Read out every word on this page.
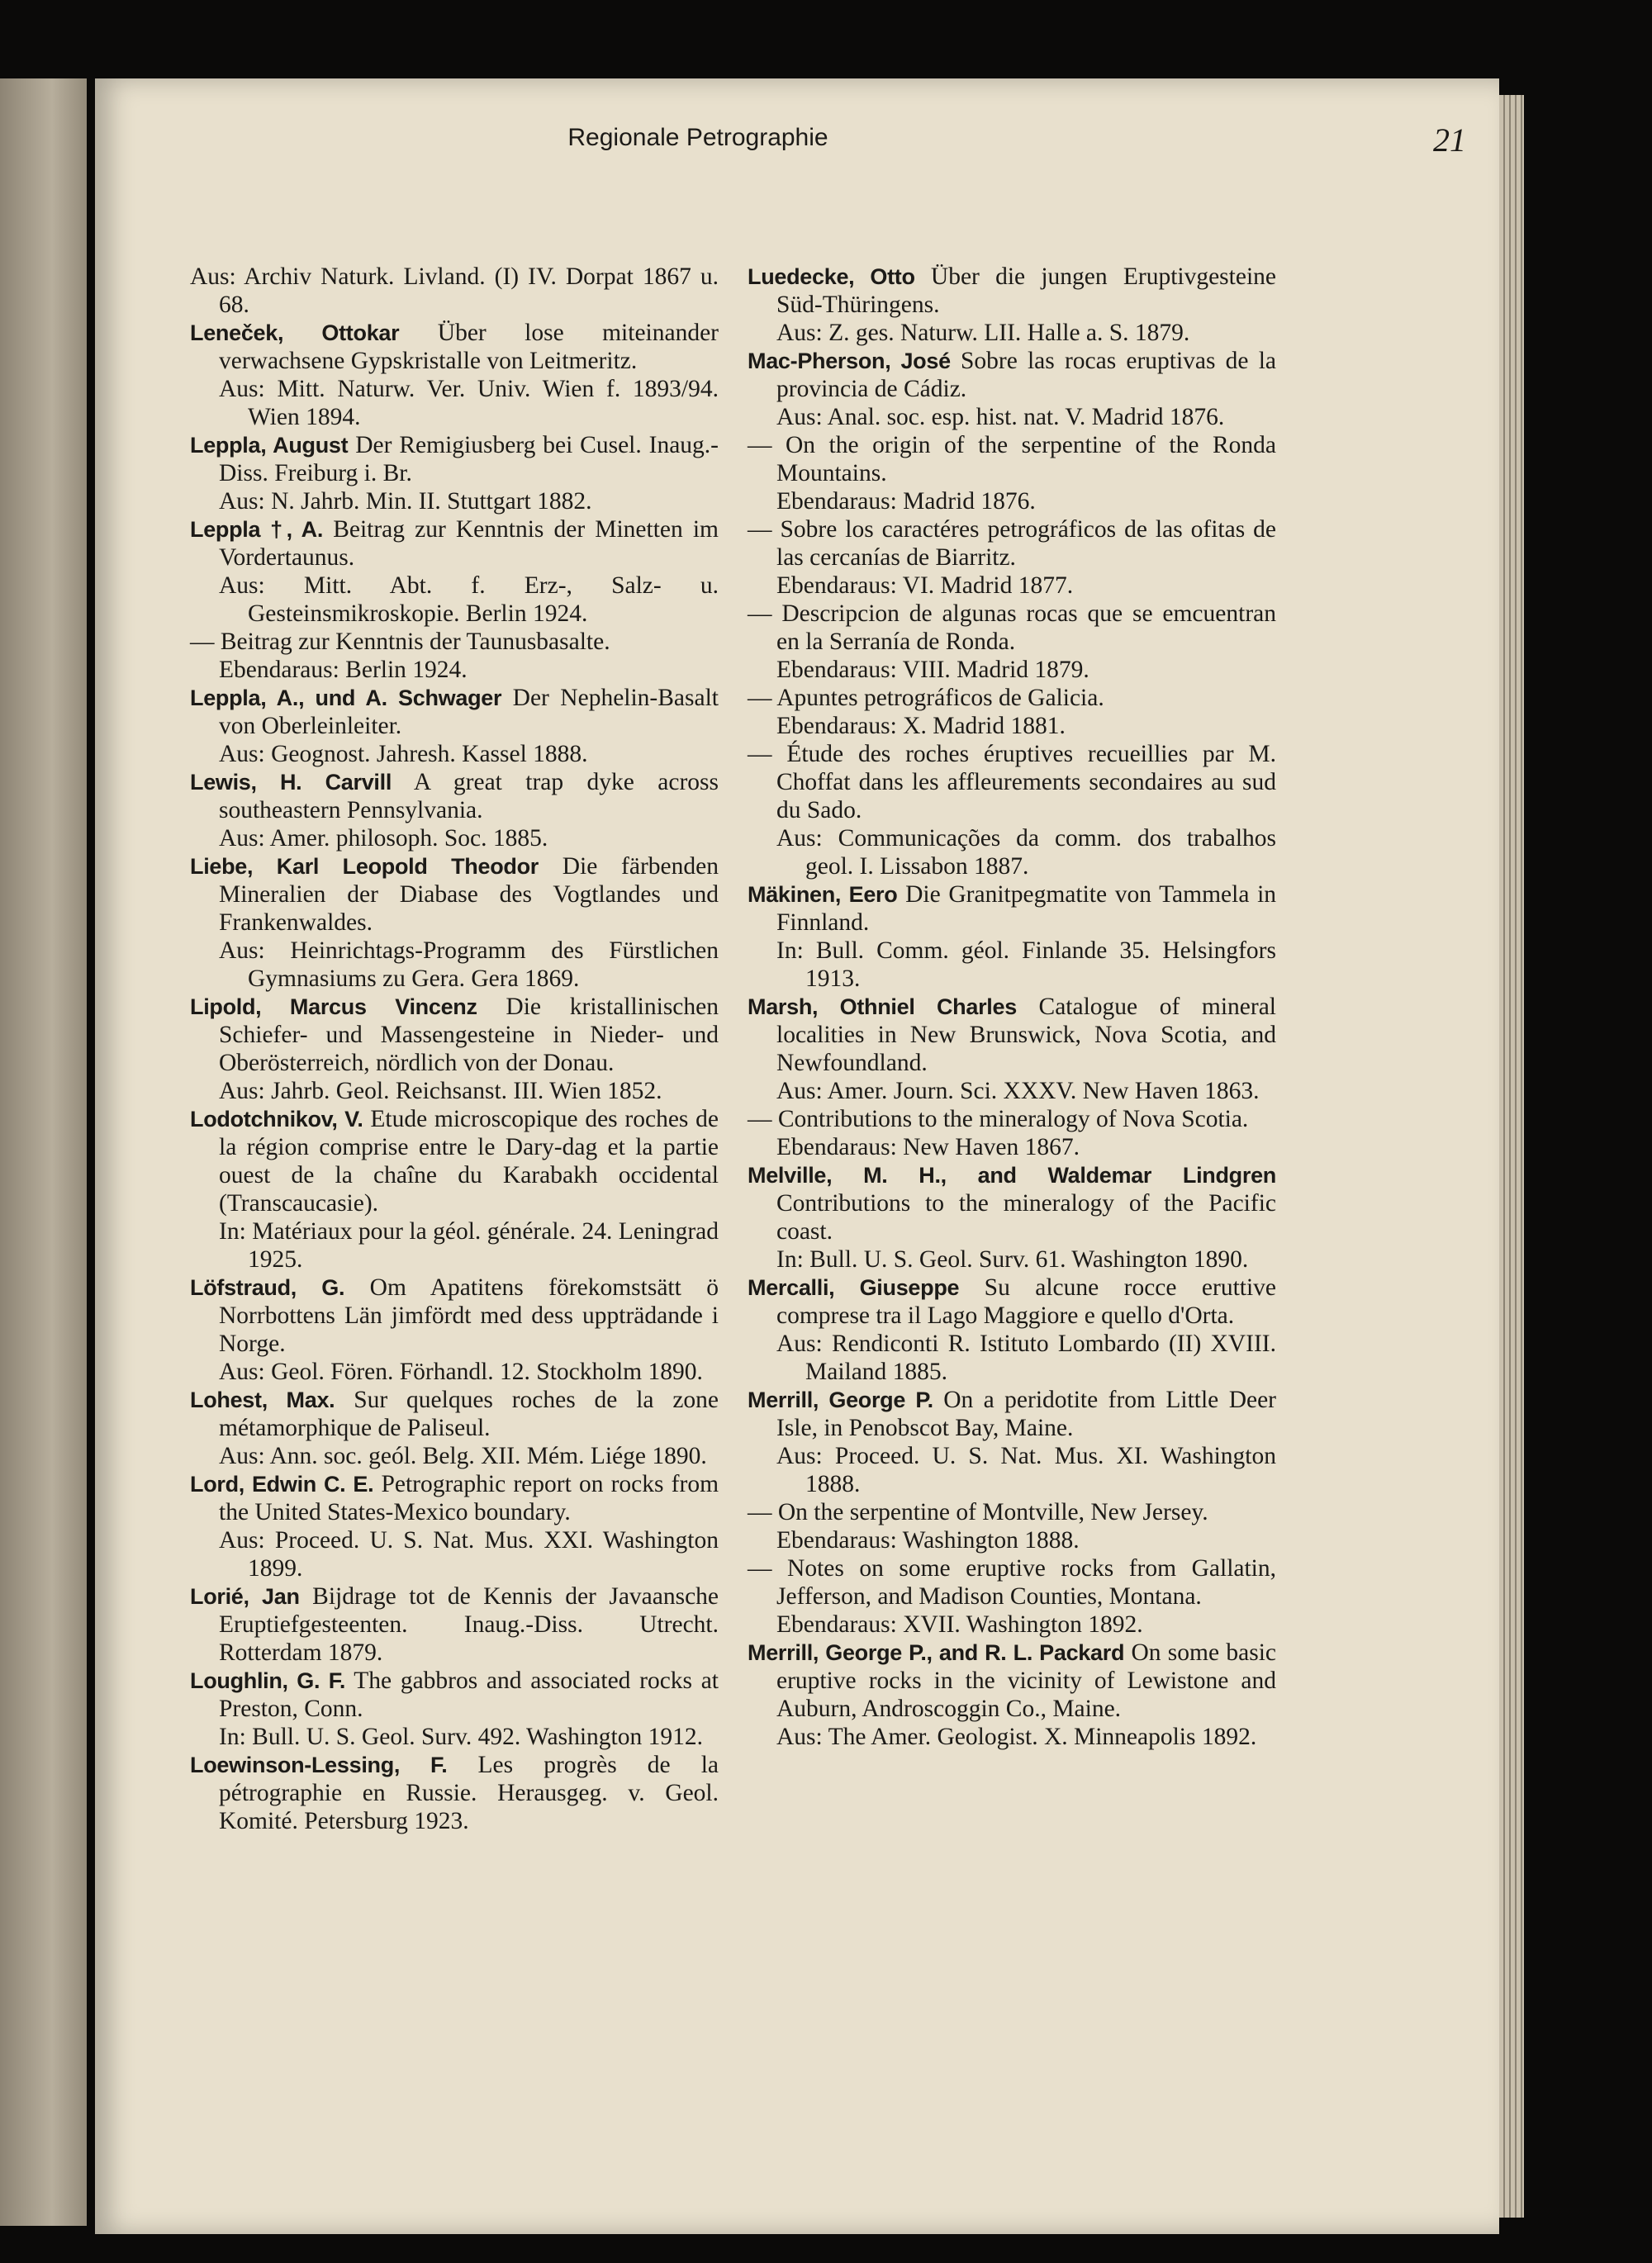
Regionale Petrographie	21

Aus: Archiv Naturk. Livland. (I) IV. Dorpat 1867 u. 68.

Leneček, Ottokar Über lose miteinander verwachsene Gypskristalle von Leitmeritz.
Aus: Mitt. Naturw. Ver. Univ. Wien f. 1893/94. Wien 1894.

Leppla, August Der Remigiusberg bei Cusel. Inaug.-Diss. Freiburg i. Br.
Aus: N. Jahrb. Min. II. Stuttgart 1882.

Leppla †, A. Beitrag zur Kenntnis der Minetten im Vordertaunus.
Aus: Mitt. Abt. f. Erz-, Salz- u. Gesteinsmikroskopie. Berlin 1924.

— Beitrag zur Kenntnis der Taunusbasalte.
Ebendaraus: Berlin 1924.

Leppla, A., und A. Schwager Der Nephelin-Basalt von Oberleinleiter.
Aus: Geognost. Jahresh. Kassel 1888.

Lewis, H. Carvill A great trap dyke across southeastern Pennsylvania.
Aus: Amer. philosoph. Soc. 1885.

Liebe, Karl Leopold Theodor Die färbenden Mineralien der Diabase des Vogtlandes und Frankenwaldes.
Aus: Heinrichtags-Programm des Fürstlichen Gymnasiums zu Gera. Gera 1869.

Lipold, Marcus Vincenz Die kristallinischen Schiefer- und Massengesteine in Nieder- und Oberösterreich, nördlich von der Donau.
Aus: Jahrb. Geol. Reichsanst. III. Wien 1852.

Lodotchnikov, V. Etude microscopique des roches de la région comprise entre le Dary-dag et la partie ouest de la chaîne du Karabakh occidental (Transcaucasie).
In: Matériaux pour la géol. générale. 24. Leningrad 1925.

Löfstraud, G. Om Apatitens förekomstsätt ö Norrbottens Län jimfördt med dess uppträdande i Norge.
Aus: Geol. Fören. Förhandl. 12. Stockholm 1890.

Lohest, Max. Sur quelques roches de la zone métamorphique de Paliseul.
Aus: Ann. soc. geól. Belg. XII. Mém. Liége 1890.

Lord, Edwin C. E. Petrographic report on rocks from the United States-Mexico boundary.
Aus: Proceed. U. S. Nat. Mus. XXI. Washington 1899.

Lorié, Jan Bijdrage tot de Kennis der Javaansche Eruptiefgesteenten. Inaug.-Diss. Utrecht. Rotterdam 1879.

Loughlin, G. F. The gabbros and associated rocks at Preston, Conn.
In: Bull. U. S. Geol. Surv. 492. Washington 1912.

Loewinson-Lessing, F. Les progrès de la pétrographie en Russie. Herausgeg. v. Geol. Komité. Petersburg 1923.

Luedecke, Otto Über die jungen Eruptivgesteine Süd-Thüringens.
Aus: Z. ges. Naturw. LII. Halle a. S. 1879.

Mac-Pherson, José Sobre las rocas eruptivas de la provincia de Cádiz.
Aus: Anal. soc. esp. hist. nat. V. Madrid 1876.

— On the origin of the serpentine of the Ronda Mountains.
Ebendaraus: Madrid 1876.

— Sobre los caractéres petrográficos de las ofitas de las cercanías de Biarritz.
Ebendaraus: VI. Madrid 1877.

— Descripcion de algunas rocas que se emcuentran en la Serranía de Ronda.
Ebendaraus: VIII. Madrid 1879.

— Apuntes petrográficos de Galicia.
Ebendaraus: X. Madrid 1881.

— Étude des roches éruptives recueillies par M. Choffat dans les affleurements secondaires au sud du Sado.
Aus: Communicações da comm. dos trabalhos geol. I. Lissabon 1887.

Mäkinen, Eero Die Granitpegmatite von Tammela in Finnland.
In: Bull. Comm. géol. Finlande 35. Helsingfors 1913.

Marsh, Othniel Charles Catalogue of mineral localities in New Brunswick, Nova Scotia, and Newfoundland.
Aus: Amer. Journ. Sci. XXXV. New Haven 1863.

— Contributions to the mineralogy of Nova Scotia.
Ebendaraus: New Haven 1867.

Melville, M. H., and Waldemar Lindgren Contributions to the mineralogy of the Pacific coast.
In: Bull. U. S. Geol. Surv. 61. Washington 1890.

Mercalli, Giuseppe Su alcune rocce eruttive comprese tra il Lago Maggiore e quello d'Orta.
Aus: Rendiconti R. Istituto Lombardo (II) XVIII. Mailand 1885.

Merrill, George P. On a peridotite from Little Deer Isle, in Penobscot Bay, Maine.
Aus: Proceed. U. S. Nat. Mus. XI. Washington 1888.

— On the serpentine of Montville, New Jersey.
Ebendaraus: Washington 1888.

— Notes on some eruptive rocks from Gallatin, Jefferson, and Madison Counties, Montana.
Ebendaraus: XVII. Washington 1892.

Merrill, George P., and R. L. Packard On some basic eruptive rocks in the vicinity of Lewistone and Auburn, Androscoggin Co., Maine.
Aus: The Amer. Geologist. X. Minneapolis 1892.
